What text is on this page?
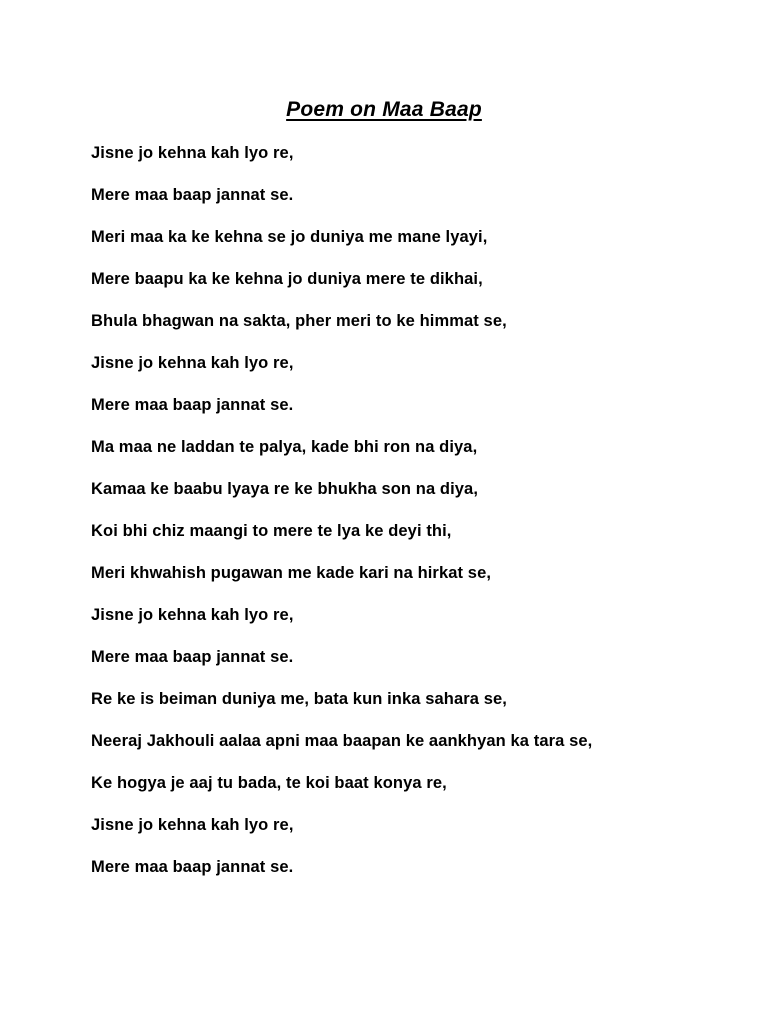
Poem on Maa Baap
Jisne jo kehna kah lyo re,
Mere maa baap jannat se.
Meri maa ka ke kehna se jo duniya me mane lyayi,
Mere baapu ka ke kehna jo duniya mere te dikhai,
Bhula bhagwan na sakta, pher meri to ke himmat se,
Jisne jo kehna kah lyo re,
Mere maa baap jannat se.
Ma maa ne laddan te palya, kade bhi ron na diya,
Kamaa ke baabu lyaya re ke bhukha son na diya,
Koi bhi chiz maangi to mere te lya ke deyi thi,
Meri khwahish pugawan me kade kari na hirkat se,
Jisne jo kehna kah lyo re,
Mere maa baap jannat se.
Re ke is beiman duniya me, bata kun inka sahara se,
Neeraj Jakhouli aalaa apni maa baapan ke aankhyan ka tara se,
Ke hogya je aaj tu bada, te koi baat konya re,
Jisne jo kehna kah lyo re,
Mere maa baap jannat se.
